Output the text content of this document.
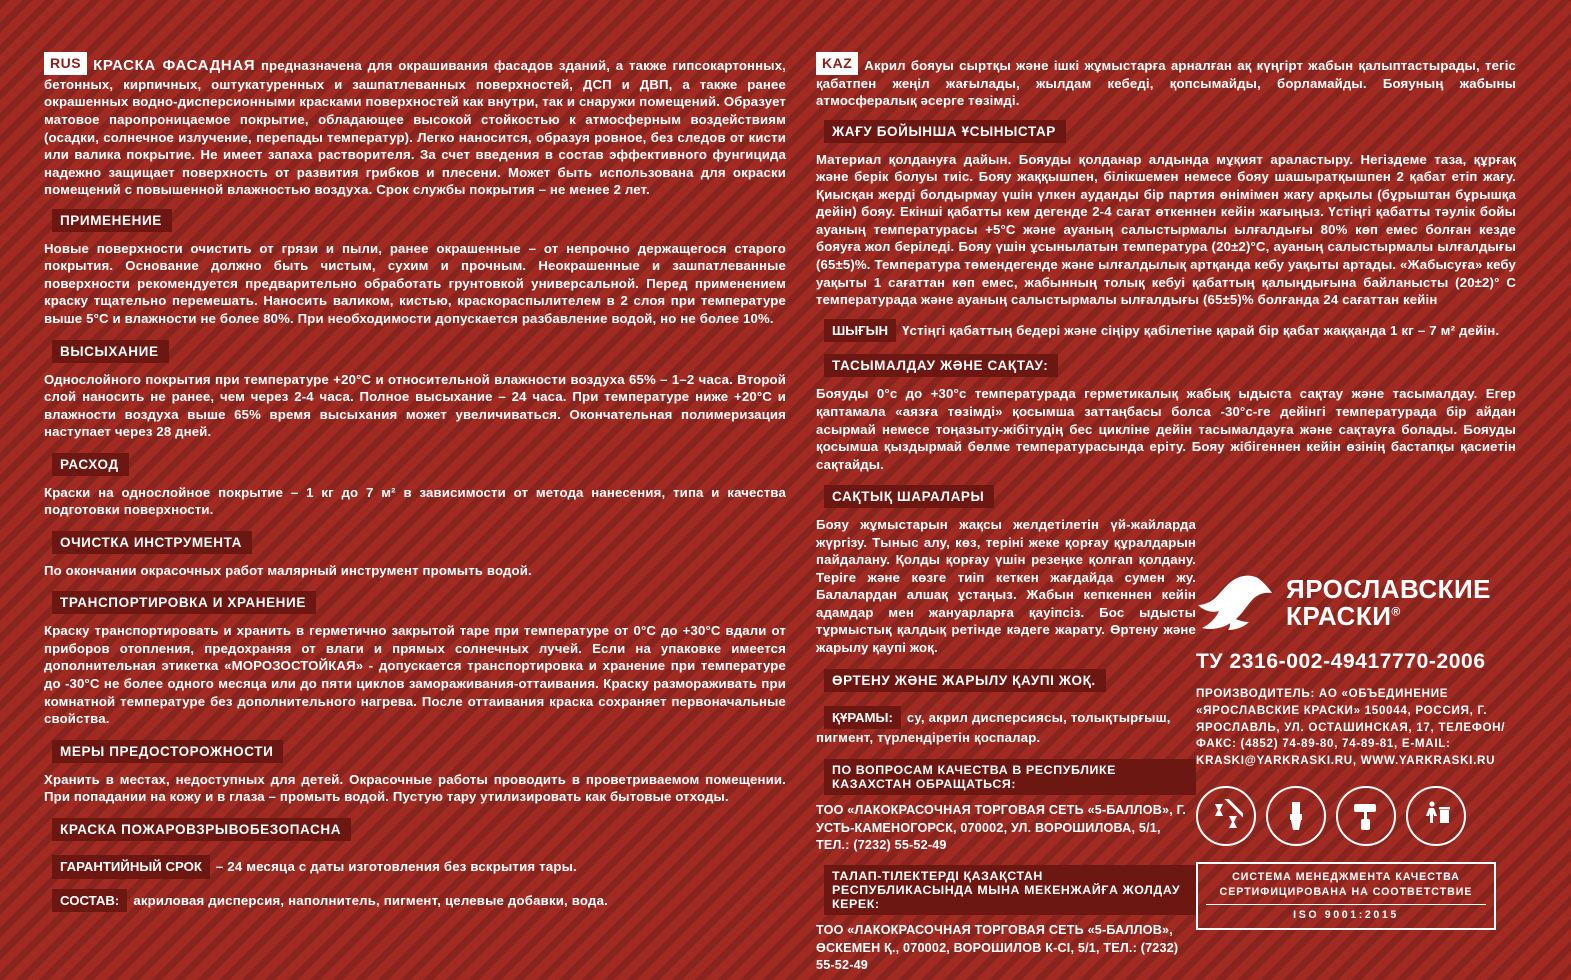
RUS КРАСКА ФАСАДНАЯ предназначена для окрашивания фасадов зданий, а также гипсокартонных, бетонных, кирпичных, оштукатуренных и зашпатлеванных поверхностей, ДСП и ДВП, а также ранее окрашенных водно-дисперсионными красками поверхностей как внутри, так и снаружи помещений. Образует матовое паропроницаемое покрытие, обладающее высокой стойкостью к атмосферным воздействиям (осадки, солнечное излучение, перепады температур). Легко наносится, образуя ровное, без следов от кисти или валика покрытие. Не имеет запаха растворителя. За счет введения в состав эффективного фунгицида надежно защищает поверхность от развития грибков и плесени. Может быть использована для окраски помещений с повышенной влажностью воздуха. Срок службы покрытия – не менее 2 лет.

ПРИМЕНЕНИЕ

Новые поверхности очистить от грязи и пыли, ранее окрашенные – от непрочно держащегося старого покрытия. Основание должно быть чистым, сухим и прочным. Неокрашенные и зашпатлеванные поверхности рекомендуется предварительно обработать грунтовкой универсальной. Перед применением краску тщательно перемешать. Наносить валиком, кистью, краскораспылителем в 2 слоя при температуре выше 5°С и влажности не более 80%. При необходимости допускается разбавление водой, но не более 10%.

ВЫСЫХАНИЕ

Однослойного покрытия при температуре +20°С и относительной влажности воздуха 65% – 1–2 часа. Второй слой наносить не ранее, чем через 2-4 часа. Полное высыхание – 24 часа. При температуре ниже +20°С и влажности воздуха выше 65% время высыхания может увеличиваться. Окончательная полимеризация наступает через 28 дней.

РАСХОД

Краски на однослойное покрытие – 1 кг до 7 м² в зависимости от метода нанесения, типа и качества подготовки поверхности.

ОЧИСТКА ИНСТРУМЕНТА

По окончании окрасочных работ малярный инструмент промыть водой.

ТРАНСПОРТИРОВКА И ХРАНЕНИЕ

Краску транспортировать и хранить в герметично закрытой таре при температуре от 0°С до +30°С вдали от приборов отопления, предохраняя от влаги и прямых солнечных лучей. Если на упаковке имеется дополнительная этикетка «МОРОЗОСТОЙКАЯ» - допускается транспортировка и хранение при температуре до -30°С не более одного месяца или до пяти циклов замораживания-оттаивания. Краску размораживать при комнатной температуре без дополнительного нагрева. После оттаивания краска сохраняет первоначальные свойства.

МЕРЫ ПРЕДОСТОРОЖНОСТИ

Хранить в местах, недоступных для детей. Окрасочные работы проводить в проветриваемом помещении. При попадании на кожу и в глаза – промыть водой. Пустую тару утилизировать как бытовые отходы.

КРАСКА ПОЖАРОВЗРЫВОБЕЗОПАСНА
ГАРАНТИЙНЫЙ СРОК – 24 месяца с даты изготовления без вскрытия тары.
СОСТАВ: акриловая дисперсия, наполнитель, пигмент, целевые добавки, вода.

KAZ Акрил бояуы сыртқы және ішкі жұмыстарға арналған ақ күңгірт жабын қалыптастырады, тегіс қабатпен жеңіл жағылады, жылдам кебеді, қопсымайды, борламайды. Бояуның жабыны атмосфералық әсерге төзімді.

ЖАҒУ БОЙЫНША ҰСЫНЫСТАР

Материал қолдануға дайын. Бояуды қолданар алдында мұқият араластыру. Негіздеме таза, құрғақ және берік болуы тиіс. Бояу жаққышпен, білікшемен немесе бояу шашыратқышпен 2 қабат етіп жағу. Қиысқан жерді болдырмау үшін үлкен ауданды бір партия өнімімен жағу арқылы (бұрыштан бұрышқа дейін) бояу. Екінші қабатты кем дегенде 2-4 сағат өткеннен кейін жағыңыз. Үстіңгі қабатты тәулік бойы ауаның температурасы +5°С және ауаның салыстырмалы ылғалдығы 80% көп емес болған кезде бояуға жол беріледі. Бояу үшін ұсынылатын температура (20±2)°С, ауаның салыстырмалы ылғалдығы (65±5)%. Температура төмендегенде және ылғалдылық артқанда кебу уақыты артады. «Жабысуға» кебу уақыты 1 сағаттан көп емес, жабынның толық кебуі қабаттың қалыңдығына байланысты (20±2)° С температурада және ауаның салыстырмалы ылғалдығы (65±5)% болғанда 24 сағаттан кейін

ШЫҒЫН Үстіңгі қабаттың бедері және сіңіру қабілетіне қарай бір қабат жаққанда 1 кг – 7 м² дейін.
ТАСЫМАЛДАУ ЖӘНЕ САҚТАУ:

Бояуды 0°с до +30°с температурада герметикалық жабық ыдыста сақтау және тасымалдау. Егер қаптамала «аязға төзімді» қосымша заттаңбасы болса -30°с-ге дейінгі температурада бір айдан асырмай немесе тоңазыту-жібітудің бес цикліне дейін тасымалдауға және сақтауға болады. Бояуды қосымша қыздырмай бөлме температурасында еріту. Бояу жібігеннен кейін өзінің бастапқы қасиетін сақтайды.

САҚТЫҚ ШАРАЛАРЫ

Бояу жұмыстарын жақсы желдетілетін үй-жайларда жүргізу. Тыныс алу, көз, теріні жеке қорғау құралдарын пайдалану. Қолды қорғау үшін резеңке қолғап қолдану. Теріге және көзге тиіп кеткен жағдайда сумен жу. Балалардан алшақ ұстаңыз. Жабын кепкеннен кейін адамдар мен жануарларға қауіпсіз. Бос ыдысты тұрмыстық қалдық ретінде кәдеге жарату. Өртену және жарылу қаупі жоқ.

ӨРТЕНУ ЖӘНЕ ЖАРЫЛУ ҚАУПІ ЖОҚ.
ҚҰРАМЫ: су, акрил дисперсиясы, толықтырғыш, пигмент, түрлендіретін қоспалар.
ПО ВОПРОСАМ КАЧЕСТВА В РЕСПУБЛИКЕ КАЗАХСТАН ОБРАЩАТЬСЯ:
ТОО «ЛАКОКРАСОЧНАЯ ТОРГОВАЯ СЕТЬ «5-БАЛЛОВ», Г. УСТЬ-КАМЕНОГОРСК, 070002, УЛ. ВОРОШИЛОВА, 5/1, ТЕЛ.: (7232) 55-52-49
ТАЛАП-ТІЛЕКТЕРДІ ҚАЗАҚСТАН РЕСПУБЛИКАСЫНДА МЫНА МЕКЕНЖАЙҒА ЖОЛДАУ КЕРЕК:
ТОО «ЛАКОКРАСОЧНАЯ ТОРГОВАЯ СЕТЬ «5-БАЛЛОВ», ӨСКЕМЕН Қ., 070002, ВОРОШИЛОВ К-СІ, 5/1, ТЕЛ.: (7232) 55-52-49
ЯРОСЛАВСКИЕ
КРАСКИ®
ТУ 2316-002-49417770-2006
ПРОИЗВОДИТЕЛЬ: АО «ОБЪЕДИНЕНИЕ «ЯРОСЛАВСКИЕ КРАСКИ» 150044, РОССИЯ, Г. ЯРОСЛАВЛЬ, УЛ. ОСТАШИНСКАЯ, 17, ТЕЛЕФОН/ФАКС: (4852) 74-89-80, 74-89-81, E-MAIL: KRASKI@YARKRASKI.RU, WWW.YARKRASKI.RU
СИСТЕМА МЕНЕДЖМЕНТА КАЧЕСТВА
СЕРТИФИЦИРОВАНА НА СООТВЕТСТВИЕ
ISO 9001:2015
